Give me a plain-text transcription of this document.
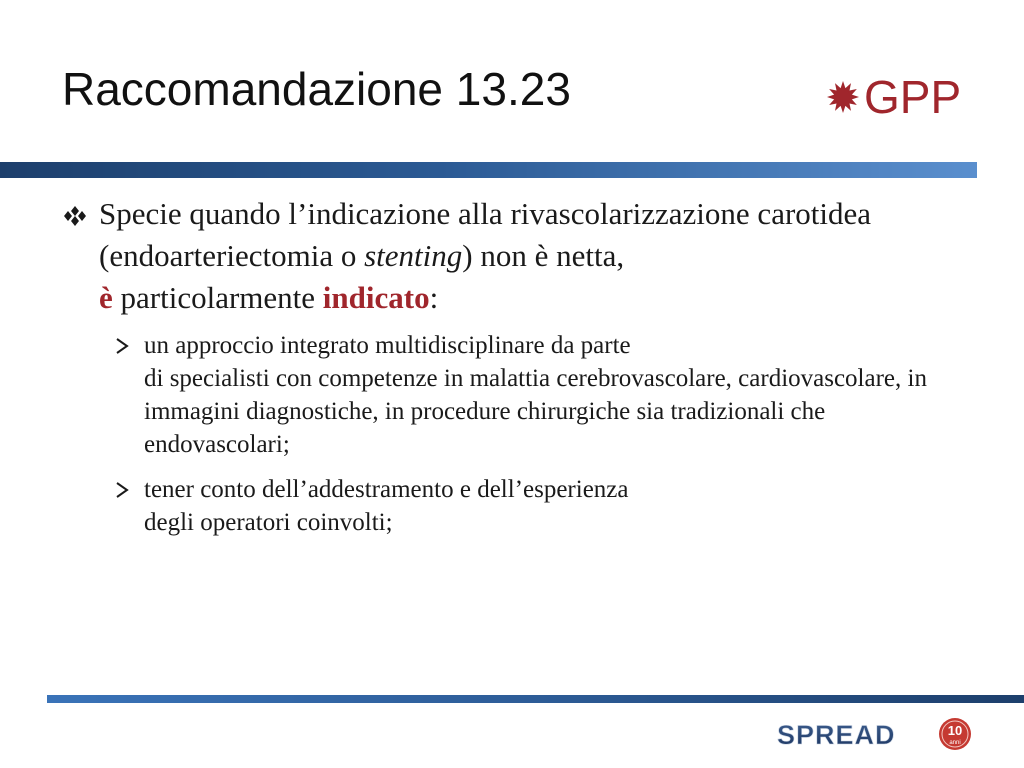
Raccomandazione 13.23	GPP
Specie quando l’indicazione alla rivascolarizzazione carotidea (endoarteriectomia o stenting) non è netta,
è particolarmente indicato:
un approccio integrato multidisciplinare da parte
di specialisti con competenze in malattia cerebrovascolare, cardiovascolare, in immagini diagnostiche, in procedure chirurgiche sia tradizionali che endovascolari;
tener conto dell’addestramento e dell’esperienza
degli operatori coinvolti;
SPREAD	10
anni
